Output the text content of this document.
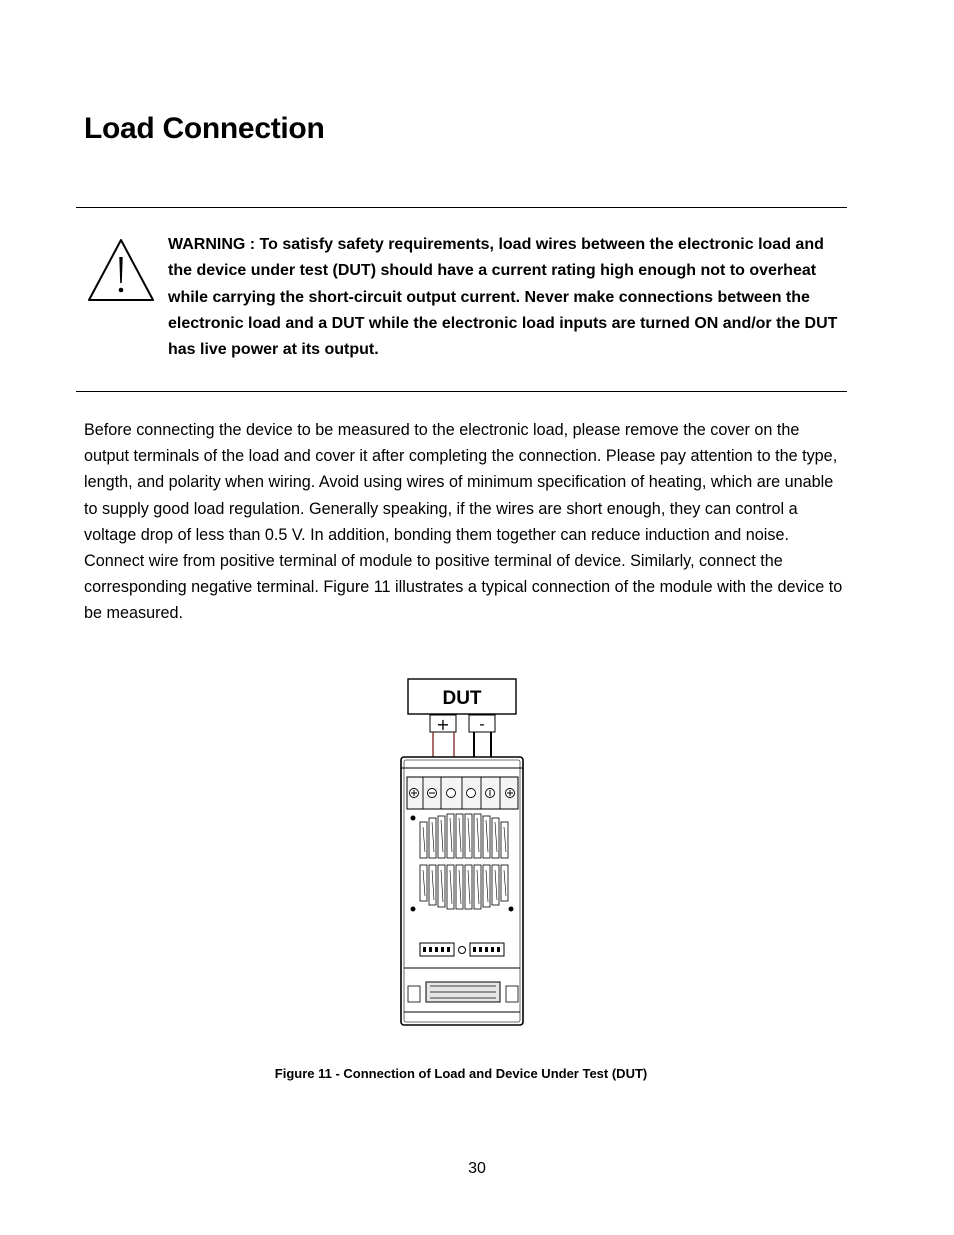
Load Connection

WARNING : To satisfy safety requirements, load wires between the electronic load and the device under test (DUT) should have a current rating high enough not to overheat while carrying the short-circuit output current. Never make connections between the electronic load and a DUT while the electronic load inputs are turned ON and/or the DUT has live power at its output.

Before connecting the device to be measured to the electronic load, please remove the cover on the output terminals of the load and cover it after completing the connection. Please pay attention to the type, length, and polarity when wiring. Avoid using wires of minimum specification of heating, which are unable to supply good load regulation. Generally speaking, if the wires are short enough, they can control a voltage drop of less than 0.5 V. In addition, bonding them together can reduce induction and noise. Connect wire from positive terminal of module to positive terminal of device. Similarly, connect the corresponding negative terminal. Figure 11 illustrates a typical connection of the module with the device to be measured.

DUT
+ -

Figure 11 - Connection of Load and Device Under Test (DUT)

30
